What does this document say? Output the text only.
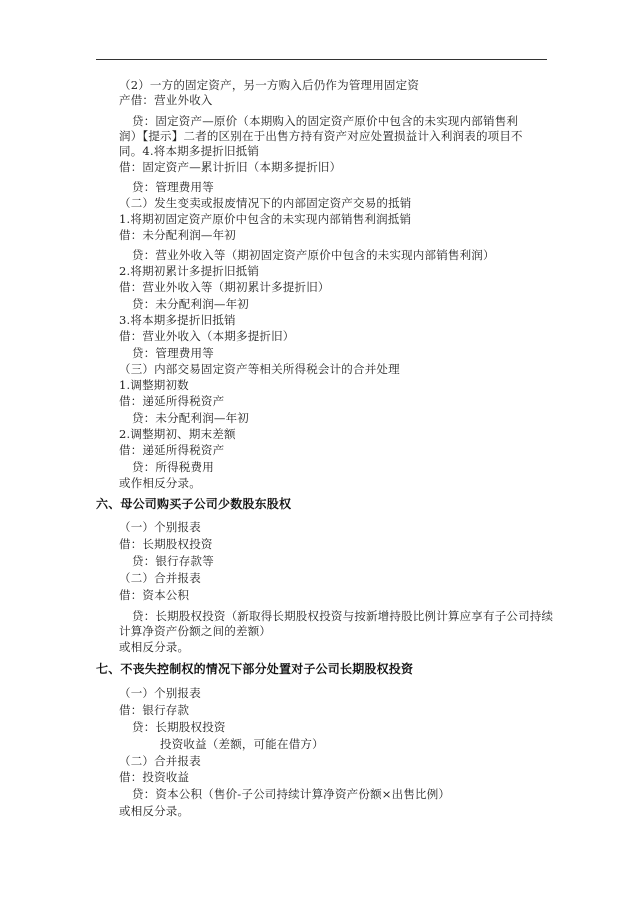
（2）一方的固定资产，另一方购入后仍作为管理用固定资
产借：营业外收入
贷：固定资产—原价（本期购入的固定资产原价中包含的未实现内部销售利
润）【提示】二者的区别在于出售方持有资产对应处置损益计入利润表的项目不
同。4.将本期多提折旧抵销
借：固定资产—累计折旧（本期多提折旧）
贷：管理费用等
（二）发生变卖或报废情况下的内部固定资产交易的抵销
1.将期初固定资产原价中包含的未实现内部销售利润抵销
借：未分配利润—年初
贷：营业外收入等（期初固定资产原价中包含的未实现内部销售利润）
2.将期初累计多提折旧抵销
借：营业外收入等（期初累计多提折旧）
贷：未分配利润—年初
3.将本期多提折旧抵销
借：营业外收入（本期多提折旧）
贷：管理费用等
（三）内部交易固定资产等相关所得税会计的合并处理
1.调整期初数
借：递延所得税资产
贷：未分配利润—年初
2.调整期初、期末差额
借：递延所得税资产
贷：所得税费用
或作相反分录。
六、母公司购买子公司少数股东股权
（一）个别报表
借：长期股权投资
贷：银行存款等
（二）合并报表
借：资本公积
贷：长期股权投资（新取得长期股权投资与按新增持股比例计算应享有子公司持续
计算净资产份额之间的差额）
或相反分录。
七、不丧失控制权的情况下部分处置对子公司长期股权投资
（一）个别报表
借：银行存款
贷：长期股权投资
投资收益（差额，可能在借方）
（二）合并报表
借：投资收益
贷：资本公积（售价-子公司持续计算净资产份额×出售比例）
或相反分录。
